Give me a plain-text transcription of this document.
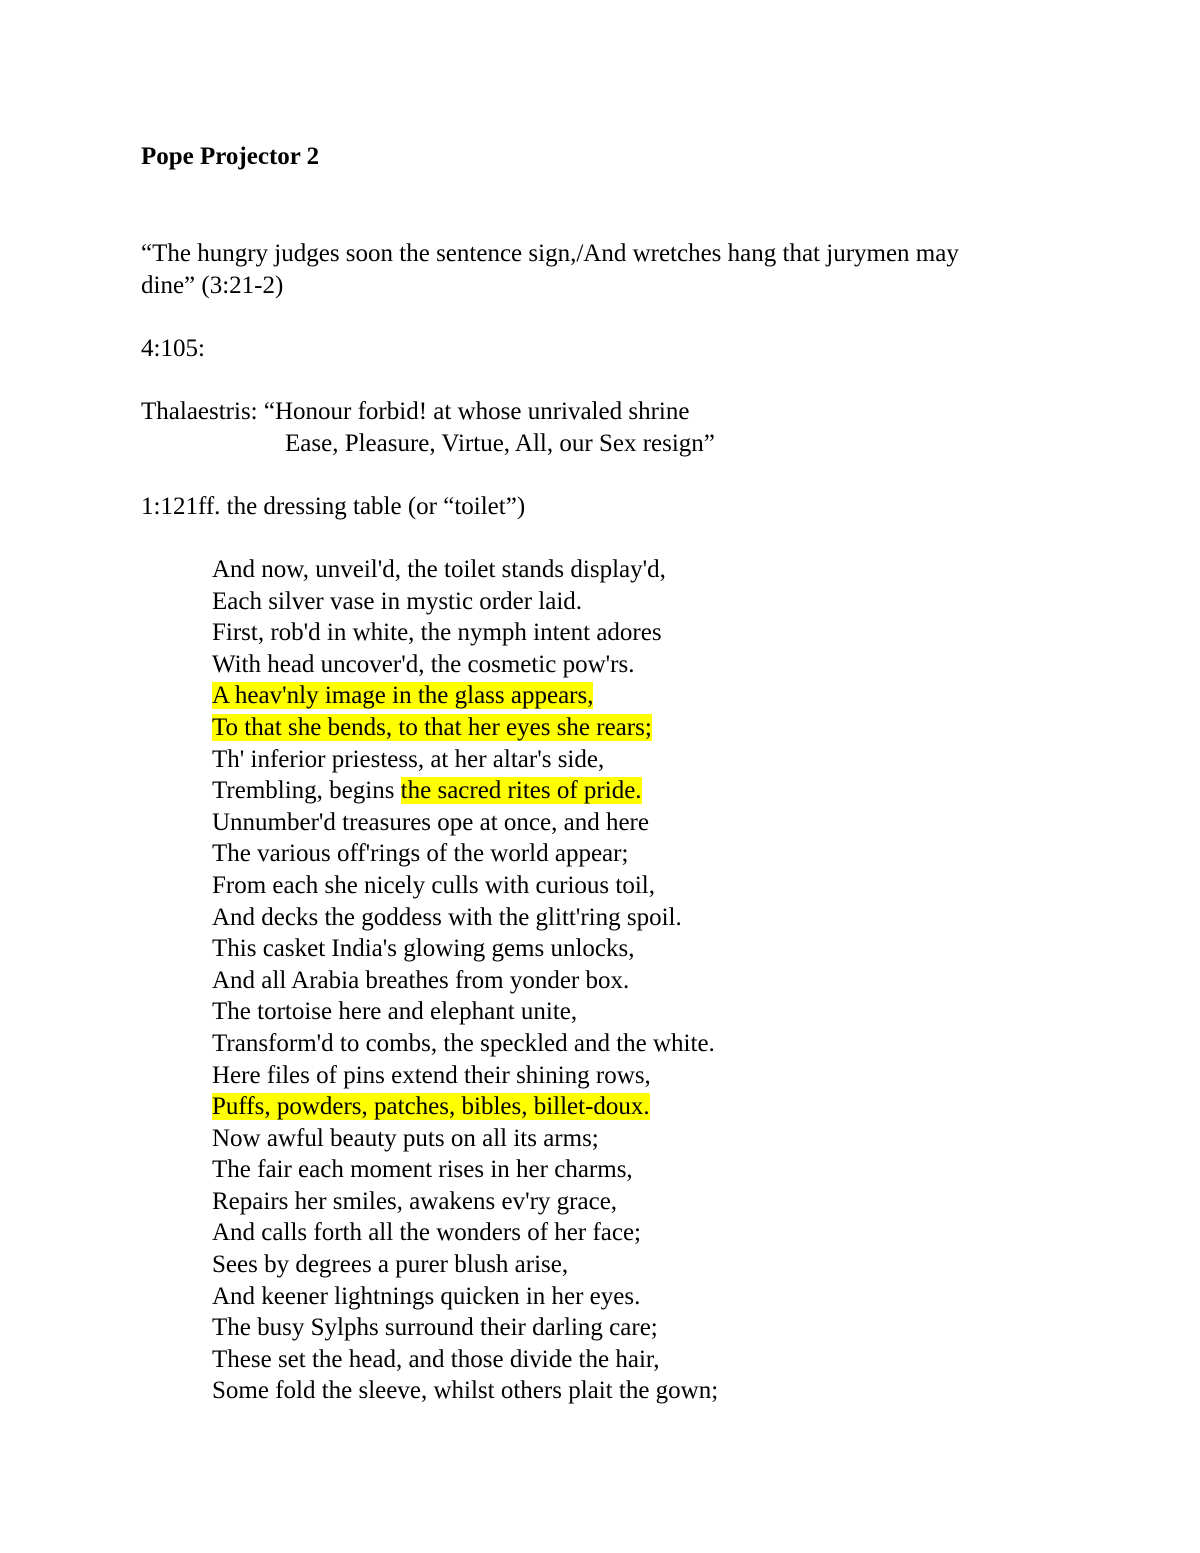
Pope Projector 2
“The hungry judges soon the sentence sign,/And wretches hang that jurymen may
dine” (3:21-2)
4:105:
Thalaestris: “Honour forbid! at whose unrivaled shrine
Ease, Pleasure, Virtue, All, our Sex resign”
1:121ff. the dressing table (or “toilet”)
And now, unveil'd, the toilet stands display'd,
Each silver vase in mystic order laid.
First, rob'd in white, the nymph intent adores
With head uncover'd, the cosmetic pow'rs.
A heav'nly image in the glass appears,
To that she bends, to that her eyes she rears;
Th' inferior priestess, at her altar's side,
Trembling, begins the sacred rites of pride.
Unnumber'd treasures ope at once, and here
The various off'rings of the world appear;
From each she nicely culls with curious toil,
And decks the goddess with the glitt'ring spoil.
This casket India's glowing gems unlocks,
And all Arabia breathes from yonder box.
The tortoise here and elephant unite,
Transform'd to combs, the speckled and the white.
Here files of pins extend their shining rows,
Puffs, powders, patches, bibles, billet-doux.
Now awful beauty puts on all its arms;
The fair each moment rises in her charms,
Repairs her smiles, awakens ev'ry grace,
And calls forth all the wonders of her face;
Sees by degrees a purer blush arise,
And keener lightnings quicken in her eyes.
The busy Sylphs surround their darling care;
These set the head, and those divide the hair,
Some fold the sleeve, whilst others plait the gown;
